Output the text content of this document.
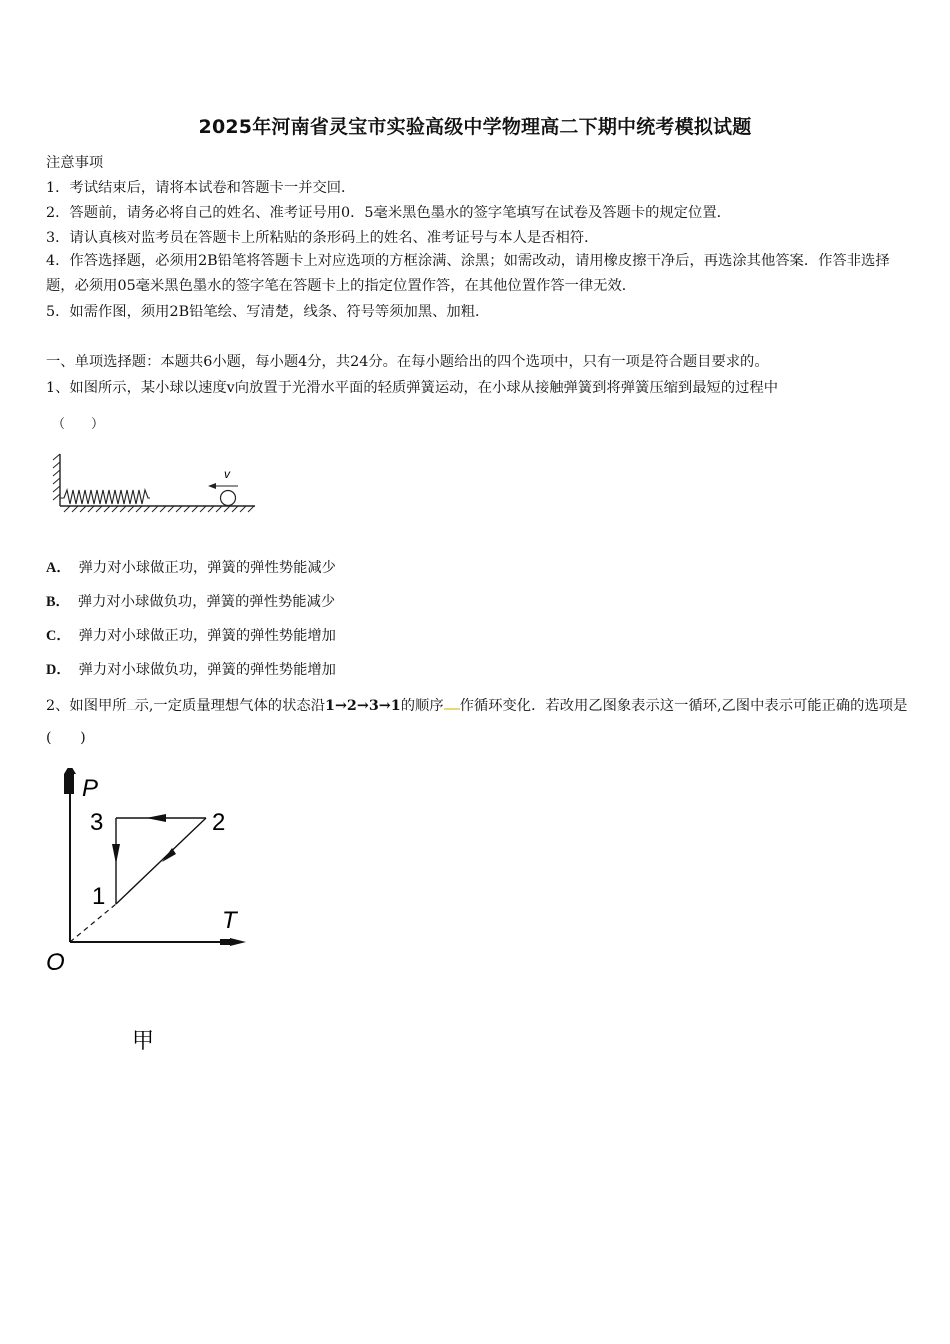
2025年河南省灵宝市实验高级中学物理高二下期中统考模拟试题
注意事项
1．考试结束后，请将本试卷和答题卡一并交回．
2．答题前，请务必将自己的姓名、准考证号用0．5毫米黑色墨水的签字笔填写在试卷及答题卡的规定位置．
3．请认真核对监考员在答题卡上所粘贴的条形码上的姓名、准考证号与本人是否相符．
4．作答选择题，必须用2B铅笔将答题卡上对应选项的方框涂满、涂黑；如需改动，请用橡皮擦干净后，再选涂其他答案．作答非选择题，必须用05毫米黑色墨水的签字笔在答题卡上的指定位置作答，在其他位置作答一律无效．
5．如需作图，须用2B铅笔绘、写清楚，线条、符号等须加黑、加粗．
一、单项选择题：本题共6小题，每小题4分，共24分。在每小题给出的四个选项中，只有一项是符合题目要求的。
1、如图所示，某小球以速度v向放置于光滑水平面的轻质弹簧运动，在小球从接触弹簧到将弹簧压缩到最短的过程中
（　　）
v
A． 弹力对小球做正功，弹簧的弹性势能减少
B． 弹力对小球做负功，弹簧的弹性势能减少
C． 弹力对小球做正功，弹簧的弹性势能增加
D． 弹力对小球做负功，弹簧的弹性势能增加
2、如图甲所 示,一定质量理想气体的状态沿1→2→3→1的顺序 作循环变化．若改用乙图象表示这一循环,乙图中表示可能正确的选项是(　　)
P
T
O
1
2
3
甲
